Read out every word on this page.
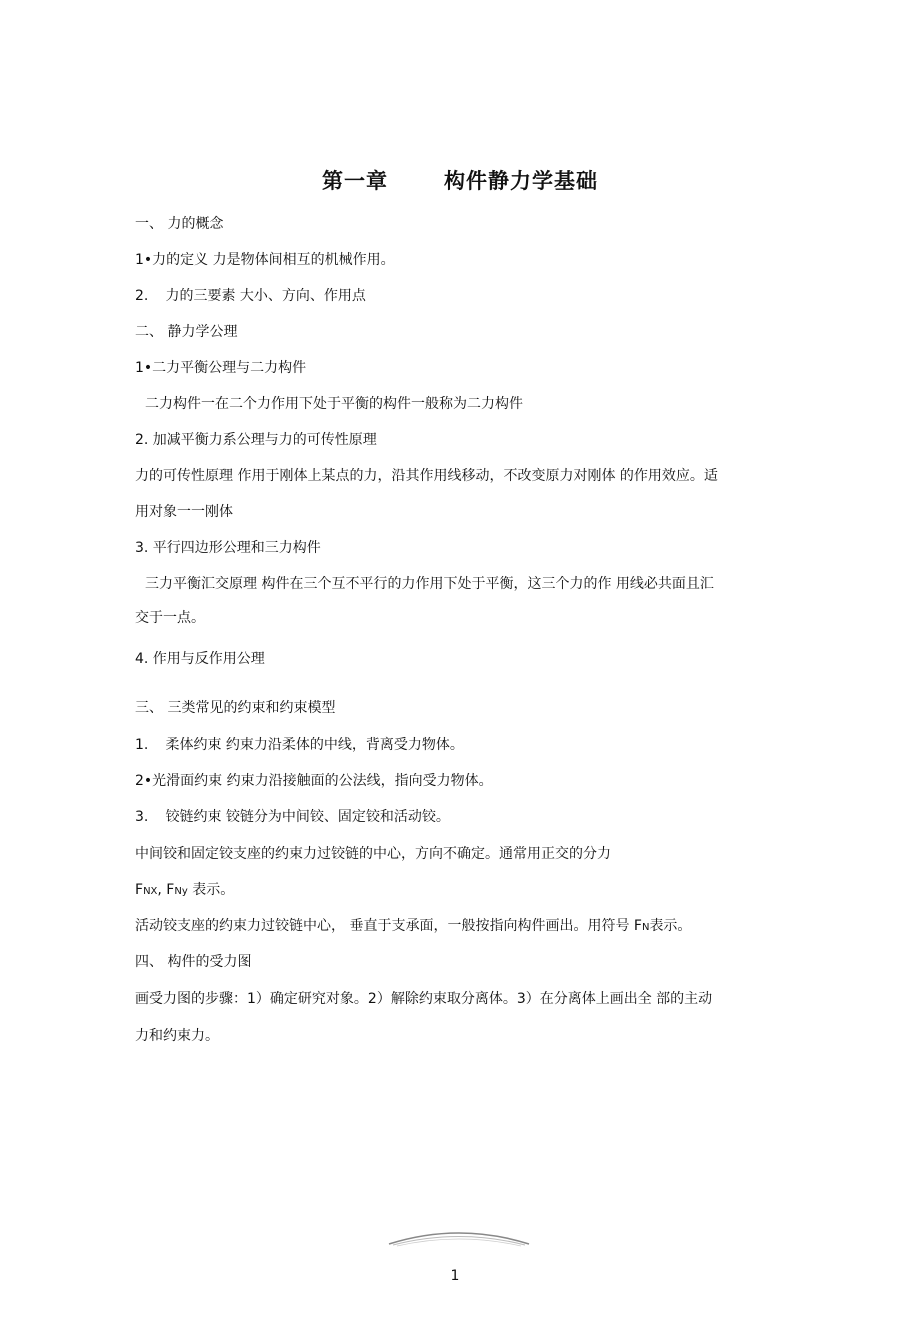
第一章	构件静力学基础
一、 力的概念
1•力的定义 力是物体间相互的机械作用。
2. 力的三要素 大小、方向、作用点
二、 静力学公理
1•二力平衡公理与二力构件
二力构件一在二个力作用下处于平衡的构件一般称为二力构件
2. 加减平衡力系公理与力的可传性原理
力的可传性原理 作用于刚体上某点的力，沿其作用线移动，不改变原力对刚体 的作用效应。适
用对象一一刚体
3. 平行四边形公理和三力构件
三力平衡汇交原理 构件在三个互不平行的力作用下处于平衡，这三个力的作 用线必共面且汇
交于一点。
4. 作用与反作用公理
三、 三类常见的约束和约束模型
1. 柔体约束 约束力沿柔体的中线，背离受力物体。
2•光滑面约束 约束力沿接触面的公法线，指向受力物体。
3. 铰链约束 铰链分为中间铰、固定铰和活动铰。
中间铰和固定铰支座的约束力过铰链的中心，方向不确定。通常用正交的分力
FNX, FNy 表示。
活动铰支座的约束力过铰链中心， 垂直于支承面，一般按指向构件画出。用符号 FN表示。
四、 构件的受力图
画受力图的步骤：1）确定研究对象。2）解除约束取分离体。3）在分离体上画出全 部的主动
力和约束力。
1
